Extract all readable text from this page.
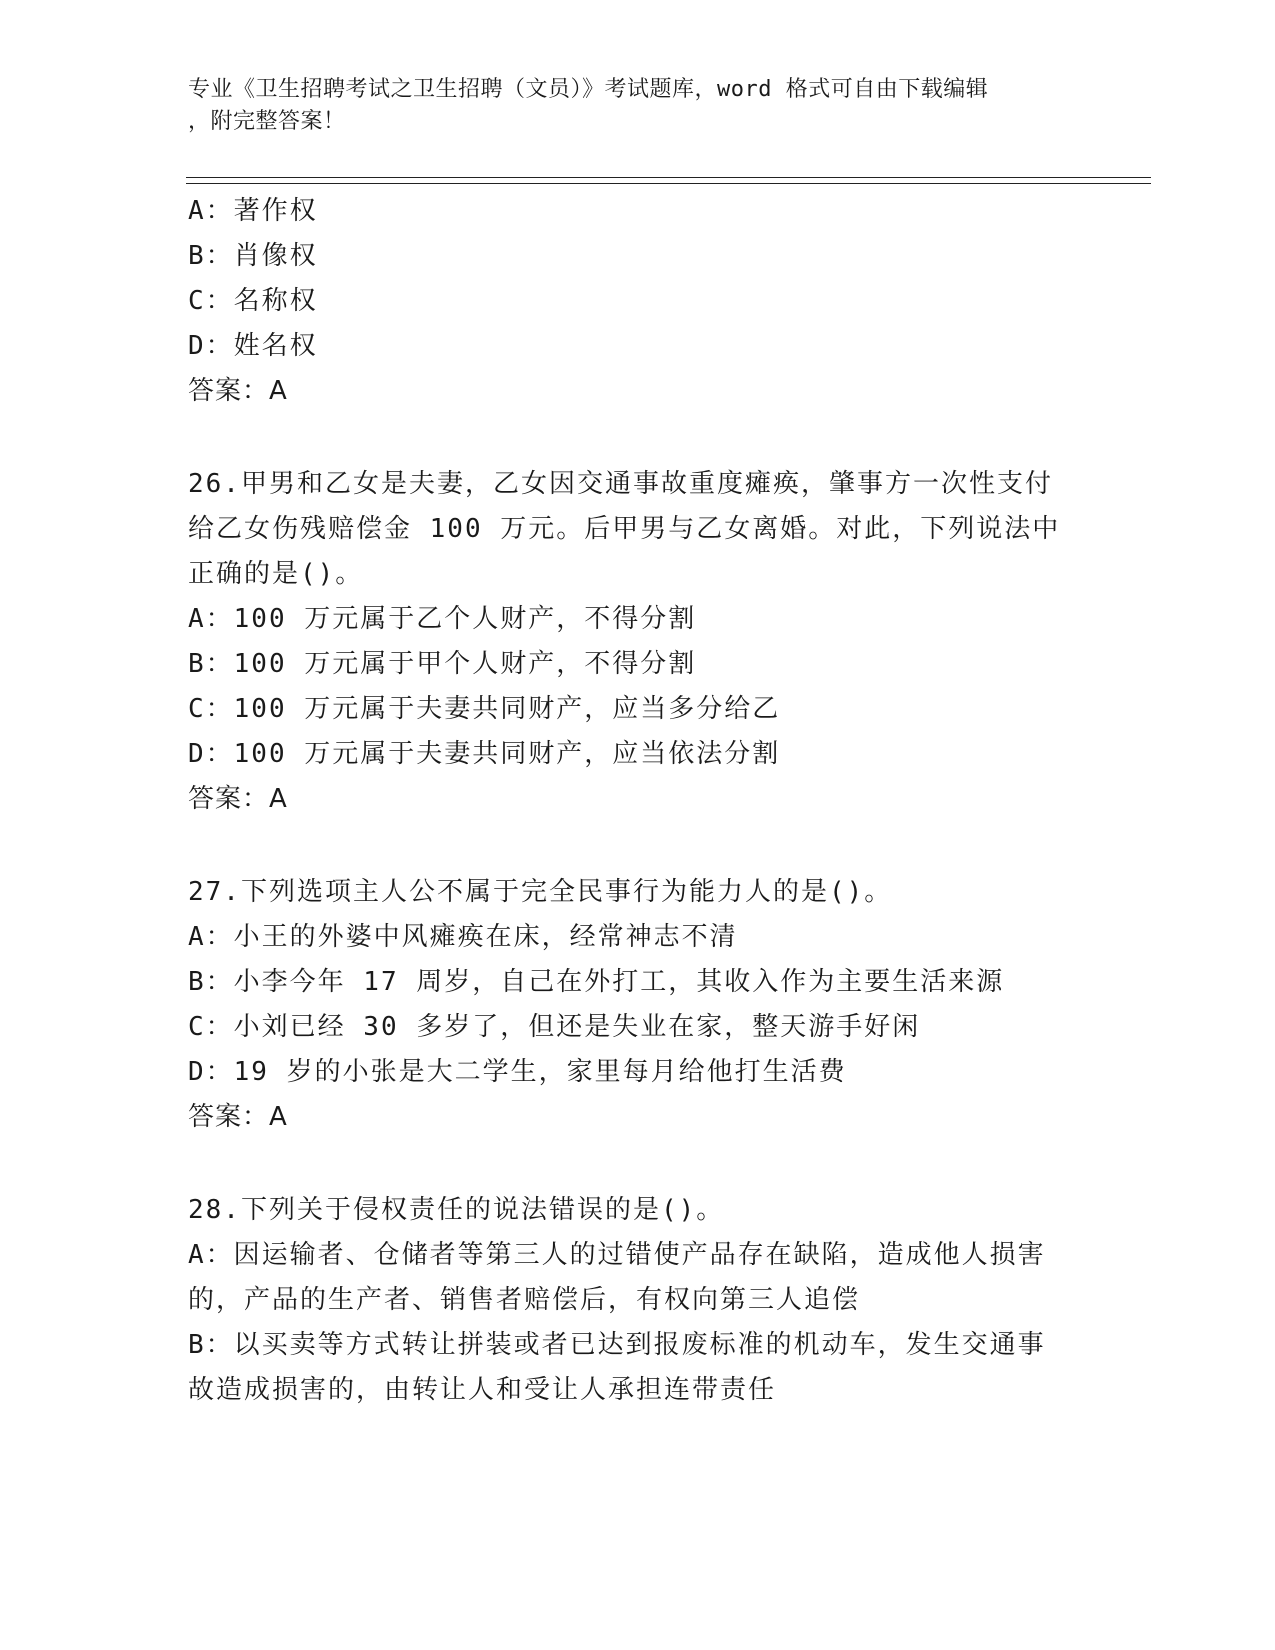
专业《卫生招聘考试之卫生招聘（文员）》考试题库，word 格式可自由下载编辑
，附完整答案！
A：著作权
B：肖像权
C：名称权
D：姓名权
答案：A
26.甲男和乙女是夫妻，乙女因交通事故重度瘫痪，肇事方一次性支付
给乙女伤残赔偿金 100 万元。后甲男与乙女离婚。对此，下列说法中
正确的是()。
A：100 万元属于乙个人财产，不得分割
B：100 万元属于甲个人财产，不得分割
C：100 万元属于夫妻共同财产，应当多分给乙
D：100 万元属于夫妻共同财产，应当依法分割
答案：A
27.下列选项主人公不属于完全民事行为能力人的是()。
A：小王的外婆中风瘫痪在床，经常神志不清
B：小李今年 17 周岁，自己在外打工，其收入作为主要生活来源
C：小刘已经 30 多岁了，但还是失业在家，整天游手好闲
D：19 岁的小张是大二学生，家里每月给他打生活费
答案：A
28.下列关于侵权责任的说法错误的是()。
A：因运输者、仓储者等第三人的过错使产品存在缺陷，造成他人损害
的，产品的生产者、销售者赔偿后，有权向第三人追偿
B：以买卖等方式转让拼装或者已达到报废标准的机动车，发生交通事
故造成损害的，由转让人和受让人承担连带责任
